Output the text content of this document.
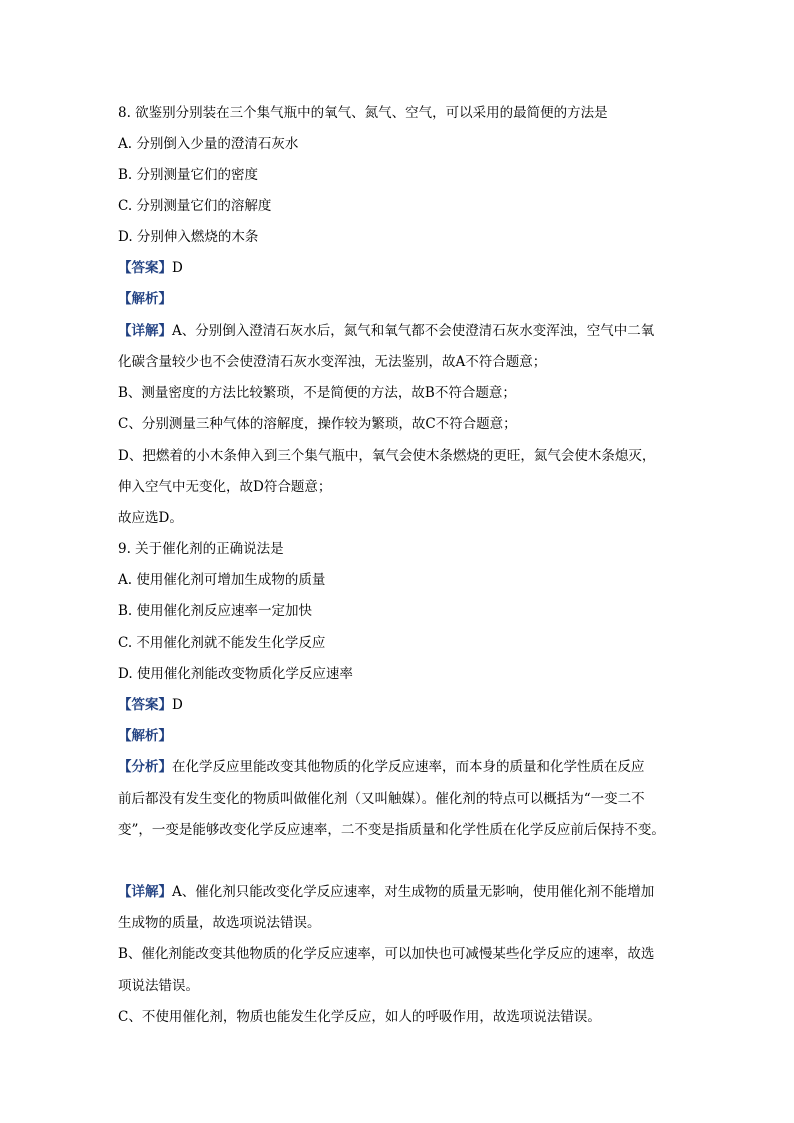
8. 欲鉴别分别装在三个集气瓶中的氧气、氮气、空气，可以采用的最简便的方法是
A. 分别倒入少量的澄清石灰水
B. 分别测量它们的密度
C. 分别测量它们的溶解度
D. 分别伸入燃烧的木条
【答案】D
【解析】
【详解】A、分别倒入澄清石灰水后，氮气和氧气都不会使澄清石灰水变浑浊，空气中二氧
化碳含量较少也不会使澄清石灰水变浑浊，无法鉴别，故A不符合题意；
B、测量密度的方法比较繁琐，不是简便的方法，故B不符合题意；
C、分别测量三种气体的溶解度，操作较为繁琐，故C不符合题意；
D、把燃着的小木条伸入到三个集气瓶中，氧气会使木条燃烧的更旺，氮气会使木条熄灭，
伸入空气中无变化，故D符合题意；
故应选D。
9. 关于催化剂的正确说法是
A. 使用催化剂可增加生成物的质量
B. 使用催化剂反应速率一定加快
C. 不用催化剂就不能发生化学反应
D. 使用催化剂能改变物质化学反应速率
【答案】D
【解析】
【分析】在化学反应里能改变其他物质的化学反应速率，而本身的质量和化学性质在反应
前后都没有发生变化的物质叫做催化剂（又叫触媒）。催化剂的特点可以概括为“一变二不
变”，一变是能够改变化学反应速率，二不变是指质量和化学性质在化学反应前后保持不变。
【详解】A、催化剂只能改变化学反应速率，对生成物的质量无影响，使用催化剂不能增加
生成物的质量，故选项说法错误。
B、催化剂能改变其他物质的化学反应速率，可以加快也可减慢某些化学反应的速率，故选
项说法错误。
C、不使用催化剂，物质也能发生化学反应，如人的呼吸作用，故选项说法错误。
